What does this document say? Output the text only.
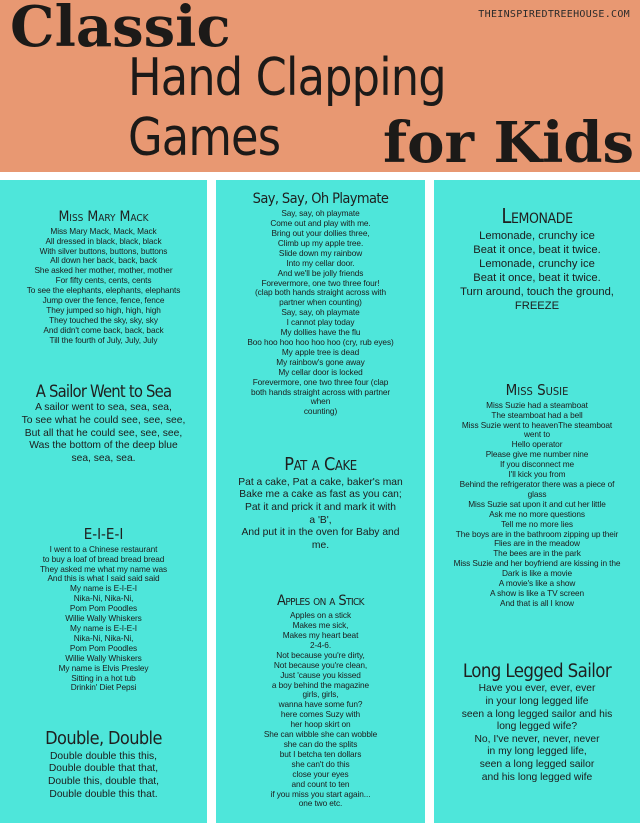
Classic	THEINSPIREDTREEHOUSE.COM
Hand Clapping Games	for Kids
Miss Mary Mack
Miss Mary Mack, Mack, Mack
All dressed in black, black, black
With silver buttons, buttons, buttons
All down her back, back, back
She asked her mother, mother, mother
For fifty cents, cents, cents
To see the elephants, elephants, elephants
Jump over the fence, fence, fence
They jumped so high, high, high
They touched the sky, sky, sky
And didn't come back, back, back
Till the fourth of July, July, July
A Sailor Went to Sea
A sailor went to sea, sea, sea,
To see what he could see, see, see,
But all that he could see, see, see,
Was the bottom of the deep blue
sea, sea, sea.
E-I-E-I
I went to a Chinese restaurant
to buy a loaf of bread bread bread
They asked me what my name was
And this is what I said said said
My name is E-I-E-I
Nika-Ni, Nika-Ni,
Pom Pom Poodles
Willie Wally Whiskers
My name is E-I-E-I
Nika-Ni, Nika-Ni,
Pom Pom Poodles
Willie Wally Whiskers
My name is Elvis Presley
Sitting in a hot tub
Drinkin' Diet Pepsi
Double, Double
Double double this this,
Double double that that,
Double this, double that,
Double double this that.
Say, Say, Oh Playmate
Say, say, oh playmate
Come out and play with me.
Bring out your dollies three,
Climb up my apple tree.
Slide down my rainbow
Into my cellar door.
And we'll be jolly friends
Forevermore, one two three four!
(clap both hands straight across with
partner when counting)
Say, say, oh playmate
I cannot play today
My dollies have the flu
Boo hoo hoo hoo hoo hoo (cry, rub eyes)
My apple tree is dead
My rainbow's gone away
My cellar door is locked
Forevermore, one two three four (clap
both hands straight across with partner
when
counting)
Pat a Cake
Pat a cake, Pat a cake, baker's man
Bake me a cake as fast as you can;
Pat it and prick it and mark it with
a 'B',
And put it in the oven for Baby and
me.
Apples on a Stick
Apples on a stick
Makes me sick,
Makes my heart beat
2-4-6.
Not because you're dirty,
Not because you're clean,
Just 'cause you kissed
a boy behind the magazine
girls, girls,
wanna have some fun?
here comes Suzy with
her hoop skirt on
She can wibble she can wobble
she can do the splits
but I betcha ten dollars
she can't do this
close your eyes
and count to ten
if you miss you start again...
one two etc.
Lemonade
Lemonade, crunchy ice
Beat it once, beat it twice.
Lemonade, crunchy ice
Beat it once, beat it twice.
Turn around, touch the ground,
FREEZE
Miss Susie
Miss Suzie had a steamboat
The steamboat had a bell
Miss Suzie went to heavenThe steamboat
went to
Hello operator
Please give me number nine
If you disconnect me
I'll kick you from
Behind the refrigerator there was a piece of
glass
Miss Suzie sat upon it and cut her little
Ask me no more questions
Tell me no more lies
The boys are in the bathroom zipping up their
Flies are in the meadow
The bees are in the park
Miss Suzie and her boyfriend are kissing in the
Dark is like a movie
A movie's like a show
A show is like a TV screen
And that is all I know
Long Legged Sailor
Have you ever, ever, ever
in your long legged life
seen a long legged sailor and his
long legged wife?
No, I've never, never, never
in my long legged life,
seen a long legged sailor
and his long legged wife
